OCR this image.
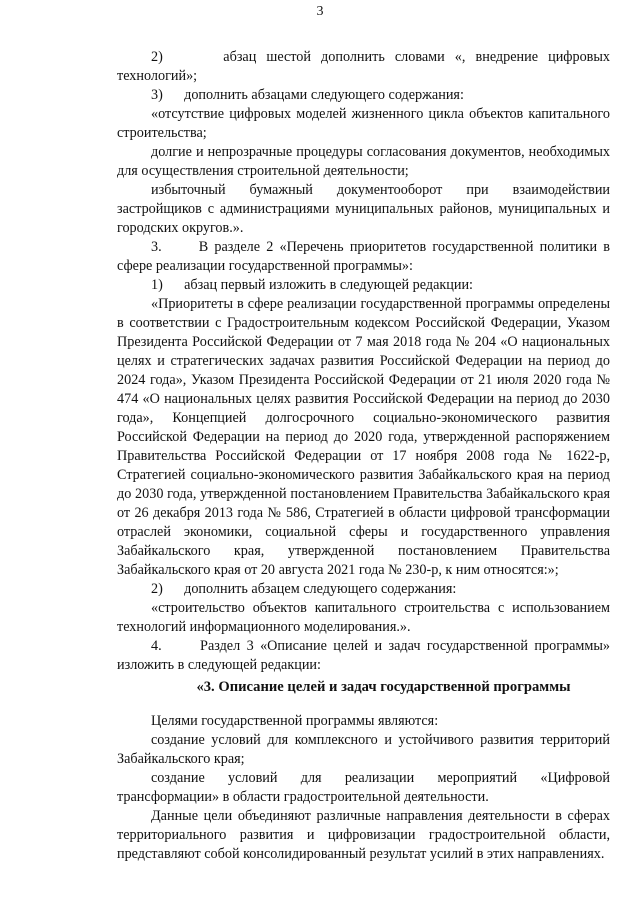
3

2)      абзац шестой дополнить словами «, внедрение цифровых технологий»;

3)      дополнить абзацами следующего содержания:

«отсутствие цифровых моделей жизненного цикла объектов капитального строительства;

долгие и непрозрачные процедуры согласования документов, необходимых для осуществления строительной деятельности;

избыточный бумажный документооборот при взаимодействии застройщиков с администрациями муниципальных районов, муниципальных и городских округов.».

3.      В разделе 2 «Перечень приоритетов государственной политики в сфере реализации государственной программы»:

1)      абзац первый изложить в следующей редакции:

«Приоритеты в сфере реализации государственной программы определены в соответствии с Градостроительным кодексом Российской Федерации, Указом Президента Российской Федерации от 7 мая 2018 года № 204 «О национальных целях и стратегических задачах развития Российской Федерации на период до 2024 года», Указом Президента Российской Федерации от 21 июля 2020 года № 474 «О национальных целях развития Российской Федерации на период до 2030 года», Концепцией долгосрочного социально-экономического развития Российской Федерации на период до 2020 года, утвержденной распоряжением Правительства Российской Федерации от 17 ноября 2008 года № 1622-р, Стратегией социально-экономического развития Забайкальского края на период до 2030 года, утвержденной постановлением Правительства Забайкальского края от 26 декабря 2013 года № 586, Стратегией в области цифровой трансформации отраслей экономики, социальной сферы и государственного управления Забайкальского края, утвержденной постановлением Правительства Забайкальского края от 20 августа 2021 года № 230-р, к ним относятся:»;

2)      дополнить абзацем следующего содержания:

«строительство объектов капитального строительства с использованием технологий информационного моделирования.».

4.      Раздел 3 «Описание целей и задач государственной программы» изложить в следующей редакции:

«3. Описание целей и задач государственной программы

Целями государственной программы являются:

создание условий для комплексного и устойчивого развития территорий Забайкальского края;

создание условий для реализации мероприятий «Цифровой трансформации» в области градостроительной деятельности.

Данные цели объединяют различные направления деятельности в сферах территориального развития и цифровизации градостроительной области, представляют собой консолидированный результат усилий в этих направлениях.
